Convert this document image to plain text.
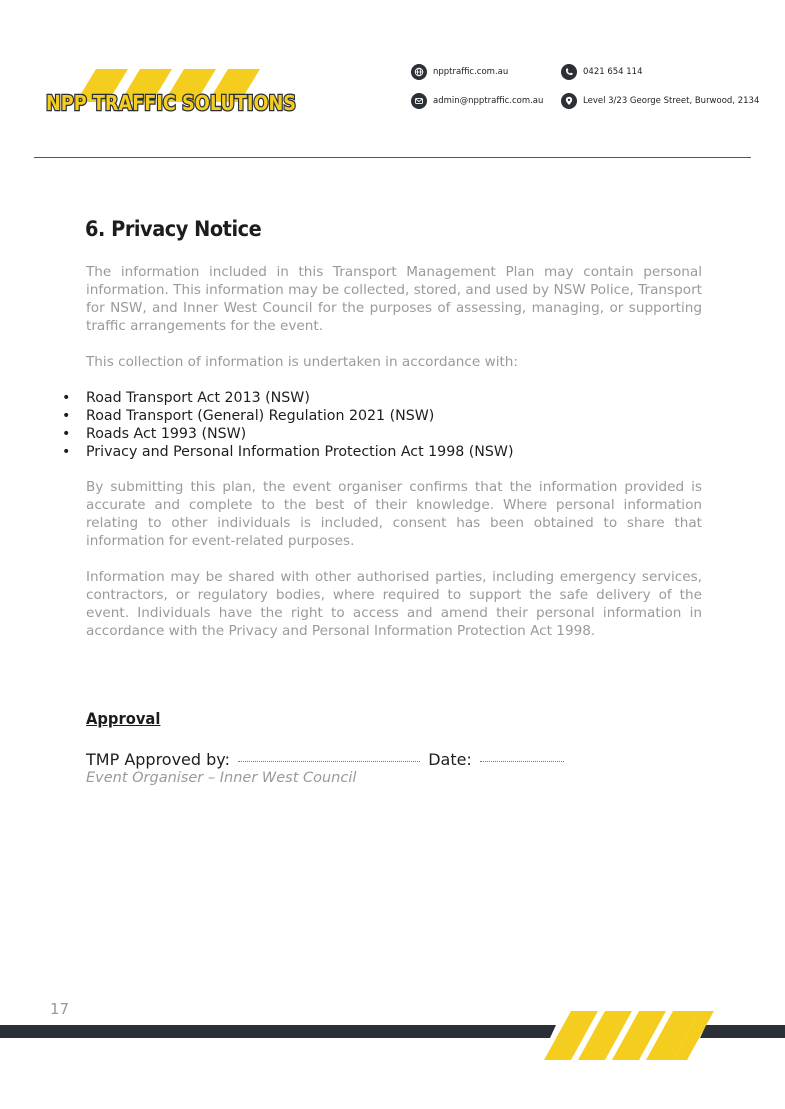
NPP TRAFFIC SOLUTIONS
npptraffic.com.au	0421 654 114
admin@npptraffic.com.au	Level 3/23 George Street, Burwood, 2134
6. Privacy Notice

The information included in this Transport Management Plan may contain personal information. This information may be collected, stored, and used by NSW Police, Transport for NSW, and Inner West Council for the purposes of assessing, managing, or supporting traffic arrangements for the event.

This collection of information is undertaken in accordance with:

• Road Transport Act 2013 (NSW)
• Road Transport (General) Regulation 2021 (NSW)
• Roads Act 1993 (NSW)
• Privacy and Personal Information Protection Act 1998 (NSW)

By submitting this plan, the event organiser confirms that the information provided is accurate and complete to the best of their knowledge. Where personal information relating to other individuals is included, consent has been obtained to share that information for event-related purposes.

Information may be shared with other authorised parties, including emergency services, contractors, or regulatory bodies, where required to support the safe delivery of the event. Individuals have the right to access and amend their personal information in accordance with the Privacy and Personal Information Protection Act 1998.

Approval
TMP Approved by:	Date:
Event Organiser – Inner West Council
17
